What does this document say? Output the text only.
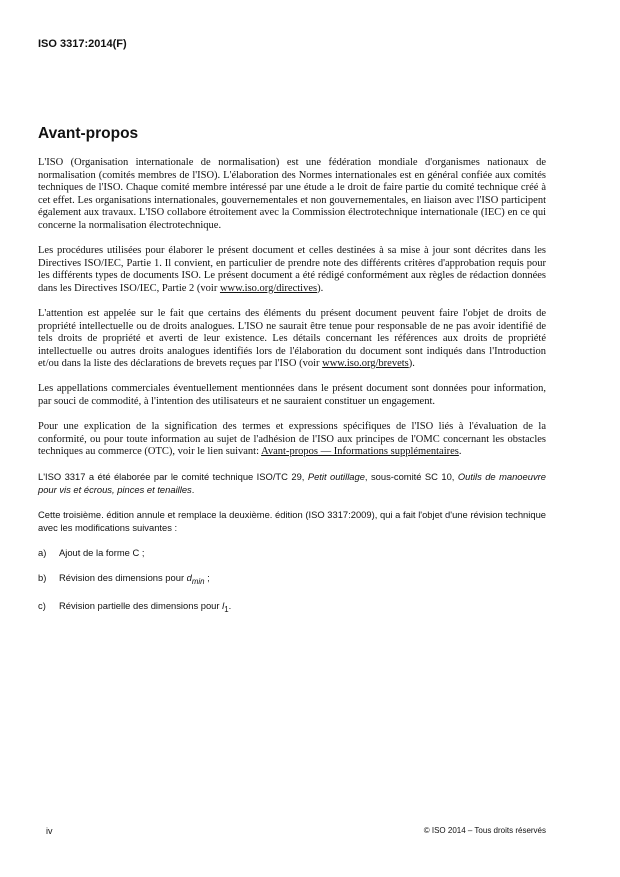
ISO 3317:2014(F)
Avant-propos

L'ISO (Organisation internationale de normalisation) est une fédération mondiale d'organismes nationaux de normalisation (comités membres de l'ISO). L'élaboration des Normes internationales est en général confiée aux comités techniques de l'ISO. Chaque comité membre intéressé par une étude a le droit de faire partie du comité technique créé à cet effet. Les organisations internationales, gouvernementales et non gouvernementales, en liaison avec l'ISO participent également aux travaux. L'ISO collabore étroitement avec la Commission électrotechnique internationale (IEC) en ce qui concerne la normalisation électrotechnique.

Les procédures utilisées pour élaborer le présent document et celles destinées à sa mise à jour sont décrites dans les Directives ISO/IEC, Partie 1. Il convient, en particulier de prendre note des différents critères d'approbation requis pour les différents types de documents ISO. Le présent document a été rédigé conformément aux règles de rédaction données dans les Directives ISO/IEC, Partie 2 (voir www.iso.org/directives).

L'attention est appelée sur le fait que certains des éléments du présent document peuvent faire l'objet de droits de propriété intellectuelle ou de droits analogues. L'ISO ne saurait être tenue pour responsable de ne pas avoir identifié de tels droits de propriété et averti de leur existence. Les détails concernant les références aux droits de propriété intellectuelle ou autres droits analogues identifiés lors de l'élaboration du document sont indiqués dans l'Introduction et/ou dans la liste des déclarations de brevets reçues par l'ISO (voir www.iso.org/brevets).

Les appellations commerciales éventuellement mentionnées dans le présent document sont données pour information, par souci de commodité, à l'intention des utilisateurs et ne sauraient constituer un engagement.

Pour une explication de la signification des termes et expressions spécifiques de l'ISO liés à l'évaluation de la conformité, ou pour toute information au sujet de l'adhésion de l'ISO aux principes de l'OMC concernant les obstacles techniques au commerce (OTC), voir le lien suivant: Avant-propos — Informations supplémentaires.

L'ISO 3317 a été élaborée par le comité technique ISO/TC 29, Petit outillage, sous-comité SC 10, Outils de manoeuvre pour vis et écrous, pinces et tenailles.

Cette troisième. édition annule et remplace la deuxième. édition (ISO 3317:2009), qui a fait l'objet d'une révision technique avec les modifications suivantes :

a)	Ajout de la forme C ;
b)	Révision des dimensions pour $d_{min}$ ;
c)	Révision partielle des dimensions pour $l_1$.
iv	© ISO 2014 – Tous droits réservés
